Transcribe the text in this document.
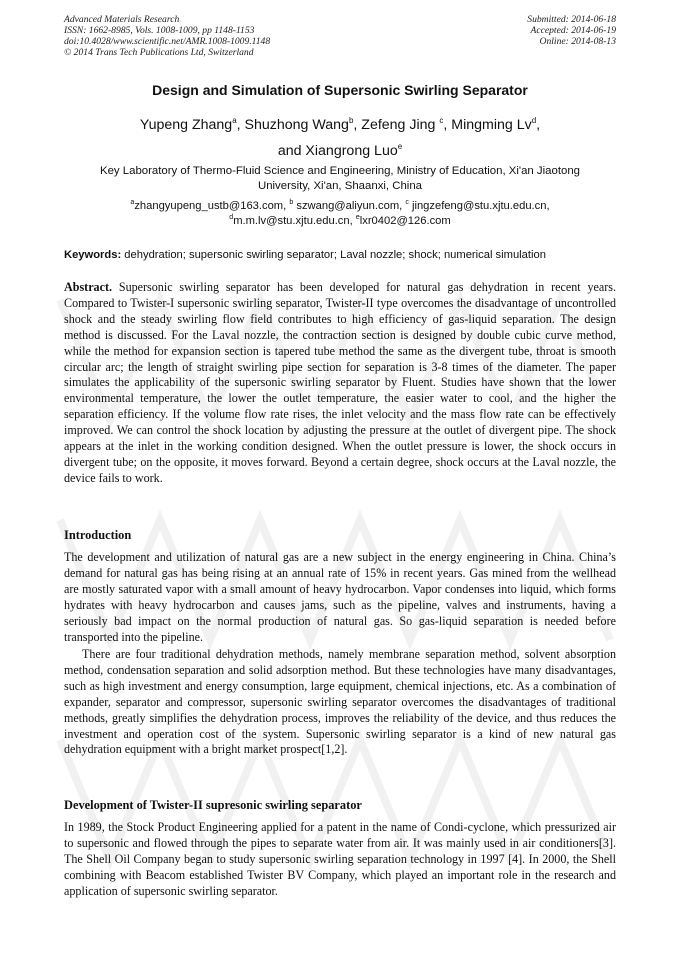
Advanced Materials Research
ISSN: 1662-8985, Vols. 1008-1009, pp 1148-1153
doi:10.4028/www.scientific.net/AMR.1008-1009.1148
© 2014 Trans Tech Publications Ltd, Switzerland
Submitted: 2014-06-18
Accepted: 2014-06-19
Online: 2014-08-13
Design and Simulation of Supersonic Swirling Separator
Yupeng Zhang$^a$, Shuzhong Wang$^b$, Zefeng Jing $^c$, Mingming Lv$^d$,
and Xiangrong Luo$^e$
Key Laboratory of Thermo-Fluid Science and Engineering, Ministry of Education, Xi'an Jiaotong
University, Xi'an, Shaanxi, China
$^a$zhangyupeng_ustb@163.com, $^b$ szwang@aliyun.com, $^c$ jingzefeng@stu.xjtu.edu.cn,
$^d$m.m.lv@stu.xjtu.edu.cn, $^e$lxr0402@126.com
Keywords: dehydration; supersonic swirling separator; Laval nozzle; shock; numerical simulation
Abstract. Supersonic swirling separator has been developed for natural gas dehydration in recent years. Compared to Twister-I supersonic swirling separator, Twister-II type overcomes the disadvantage of uncontrolled shock and the steady swirling flow field contributes to high efficiency of gas-liquid separation. The design method is discussed. For the Laval nozzle, the contraction section is designed by double cubic curve method, while the method for expansion section is tapered tube method the same as the divergent tube, throat is smooth circular arc; the length of straight swirling pipe section for separation is 3-8 times of the diameter. The paper simulates the applicability of the supersonic swirling separator by Fluent. Studies have shown that the lower environmental temperature, the lower the outlet temperature, the easier water to cool, and the higher the separation efficiency. If the volume flow rate rises, the inlet velocity and the mass flow rate can be effectively improved. We can control the shock location by adjusting the pressure at the outlet of divergent pipe. The shock appears at the inlet in the working condition designed. When the outlet pressure is lower, the shock occurs in divergent tube; on the opposite, it moves forward. Beyond a certain degree, shock occurs at the Laval nozzle, the device fails to work.
Introduction
The development and utilization of natural gas are a new subject in the energy engineering in China. China’s demand for natural gas has being rising at an annual rate of 15% in recent years. Gas mined from the wellhead are mostly saturated vapor with a small amount of heavy hydrocarbon. Vapor condenses into liquid, which forms hydrates with heavy hydrocarbon and causes jams, such as the pipeline, valves and instruments, having a seriously bad impact on the normal production of natural gas. So gas-liquid separation is needed before transported into the pipeline.
There are four traditional dehydration methods, namely membrane separation method, solvent absorption method, condensation separation and solid adsorption method. But these technologies have many disadvantages, such as high investment and energy consumption, large equipment, chemical injections, etc. As a combination of expander, separator and compressor, supersonic swirling separator overcomes the disadvantages of traditional methods, greatly simplifies the dehydration process, improves the reliability of the device, and thus reduces the investment and operation cost of the system. Supersonic swirling separator is a kind of new natural gas dehydration equipment with a bright market prospect[1,2].
Development of Twister-II supresonic swirling separator
In 1989, the Stock Product Engineering applied for a patent in the name of Condi-cyclone, which pressurized air to supersonic and flowed through the pipes to separate water from air. It was mainly used in air conditioners[3]. The Shell Oil Company began to study supersonic swirling separation technology in 1997 [4]. In 2000, the Shell combining with Beacom established Twister BV Company, which played an important role in the research and application of supersonic swirling separator.
